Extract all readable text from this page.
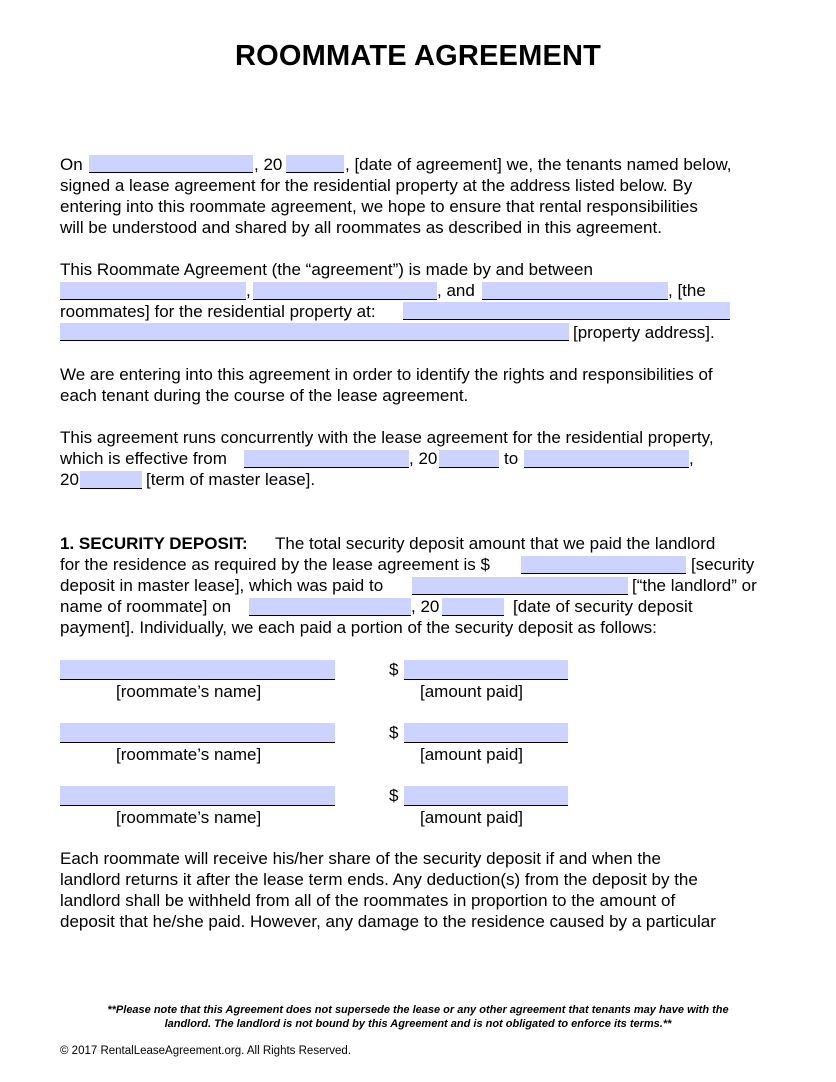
ROOMMATE AGREEMENT
On	, 20	, [date of agreement] we, the tenants named below,
signed a lease agreement for the residential property at the address listed below. By
entering into this roommate agreement, we hope to ensure that rental responsibilities
will be understood and shared by all roommates as described in this agreement.
This Roommate Agreement (the “agreement”) is made by and between
,	, and	, [the
roommates] for the residential property at:
[property address].
We are entering into this agreement in order to identify the rights and responsibilities of
each tenant during the course of the lease agreement.
This agreement runs concurrently with the lease agreement for the residential property,
which is effective from	, 20	to	,
20	[term of master lease].
1. SECURITY DEPOSIT: The total security deposit amount that we paid the landlord
for the residence as required by the lease agreement is $	[security
deposit in master lease], which was paid to	[“the landlord” or
name of roommate] on	, 20	[date of security deposit
payment]. Individually, we each paid a portion of the security deposit as follows:
[roommate’s name]
$
[amount paid]
[roommate’s name]
$
[amount paid]
[roommate’s name]
$
[amount paid]
Each roommate will receive his/her share of the security deposit if and when the
landlord returns it after the lease term ends. Any deduction(s) from the deposit by the
landlord shall be withheld from all of the roommates in proportion to the amount of
deposit that he/she paid. However, any damage to the residence caused by a particular
**Please note that this Agreement does not supersede the lease or any other agreement that tenants may have with the
landlord. The landlord is not bound by this Agreement and is not obligated to enforce its terms.**
© 2017 RentalLeaseAgreement.org. All Rights Reserved.
